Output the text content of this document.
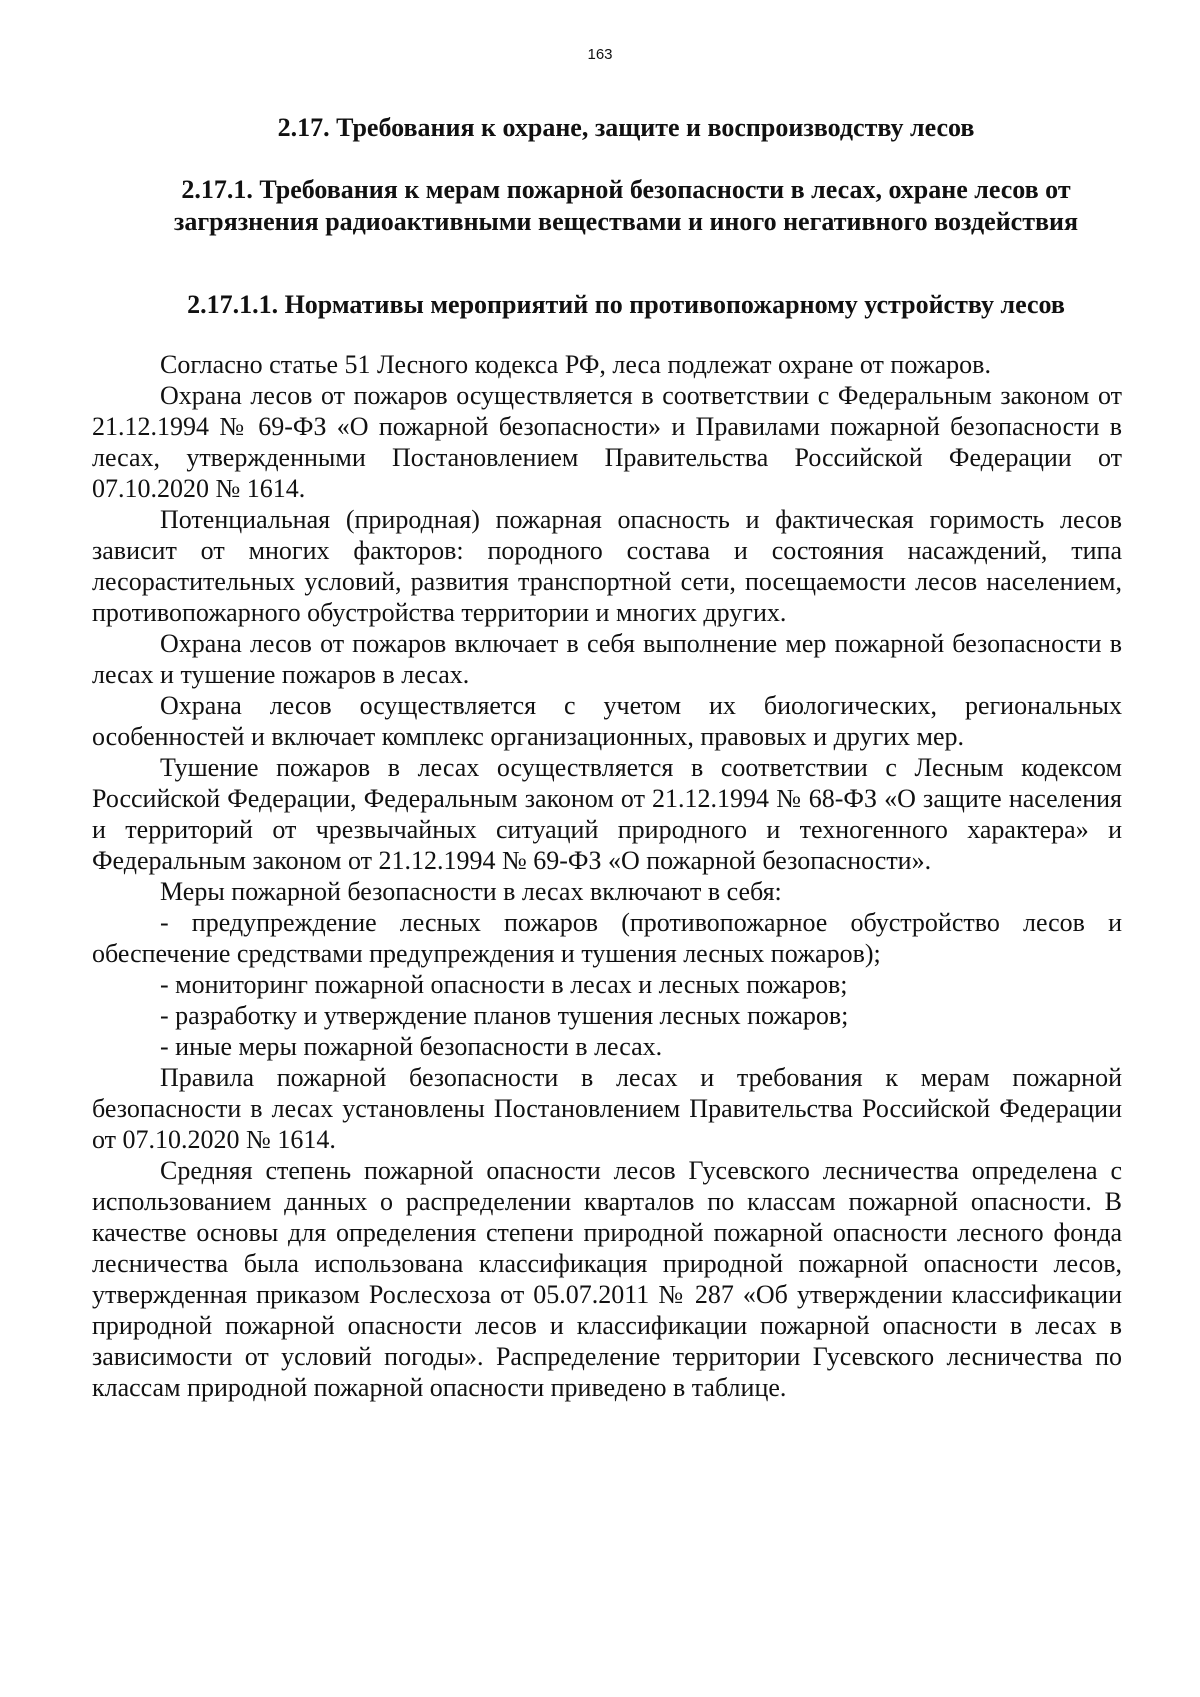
163
2.17. Требования к охране, защите и воспроизводству лесов
2.17.1. Требования к мерам пожарной безопасности в лесах, охране лесов от загрязнения радиоактивными веществами и иного негативного воздействия
2.17.1.1. Нормативы мероприятий по противопожарному устройству лесов

Согласно статье 51 Лесного кодекса РФ, леса подлежат охране от пожаров.

Охрана лесов от пожаров осуществляется в соответствии с Федеральным законом от 21.12.1994 № 69-ФЗ «О пожарной безопасности» и Правилами пожарной безопасности в лесах, утвержденными Постановлением Правительства Российской Федерации от 07.10.2020 № 1614.

Потенциальная (природная) пожарная опасность и фактическая горимость лесов зависит от многих факторов: породного состава и состояния насаждений, типа лесорастительных условий, развития транспортной сети, посещаемости лесов населением, противопожарного обустройства территории и многих других.

Охрана лесов от пожаров включает в себя выполнение мер пожарной безопасности в лесах и тушение пожаров в лесах.

Охрана лесов осуществляется с учетом их биологических, региональных особенностей и включает комплекс организационных, правовых и других мер.

Тушение пожаров в лесах осуществляется в соответствии с Лесным кодексом Российской Федерации, Федеральным законом от 21.12.1994 № 68-ФЗ «О защите населения и территорий от чрезвычайных ситуаций природного и техногенного характера» и Федеральным законом от 21.12.1994 № 69-ФЗ «О пожарной безопасности».

Меры пожарной безопасности в лесах включают в себя:

- предупреждение лесных пожаров (противопожарное обустройство лесов и обеспечение средствами предупреждения и тушения лесных пожаров);

- мониторинг пожарной опасности в лесах и лесных пожаров;

- разработку и утверждение планов тушения лесных пожаров;

- иные меры пожарной безопасности в лесах.

Правила пожарной безопасности в лесах и требования к мерам пожарной безопасности в лесах установлены Постановлением Правительства Российской Федерации от 07.10.2020 № 1614.

Средняя степень пожарной опасности лесов Гусевского лесничества определена с использованием данных о распределении кварталов по классам пожарной опасности. В качестве основы для определения степени природной пожарной опасности лесного фонда лесничества была использована классификация природной пожарной опасности лесов, утвержденная приказом Рослесхоза от 05.07.2011 № 287 «Об утверждении классификации природной пожарной опасности лесов и классификации пожарной опасности в лесах в зависимости от условий погоды». Распределение территории Гусевского лесничества по классам природной пожарной опасности приведено в таблице.
